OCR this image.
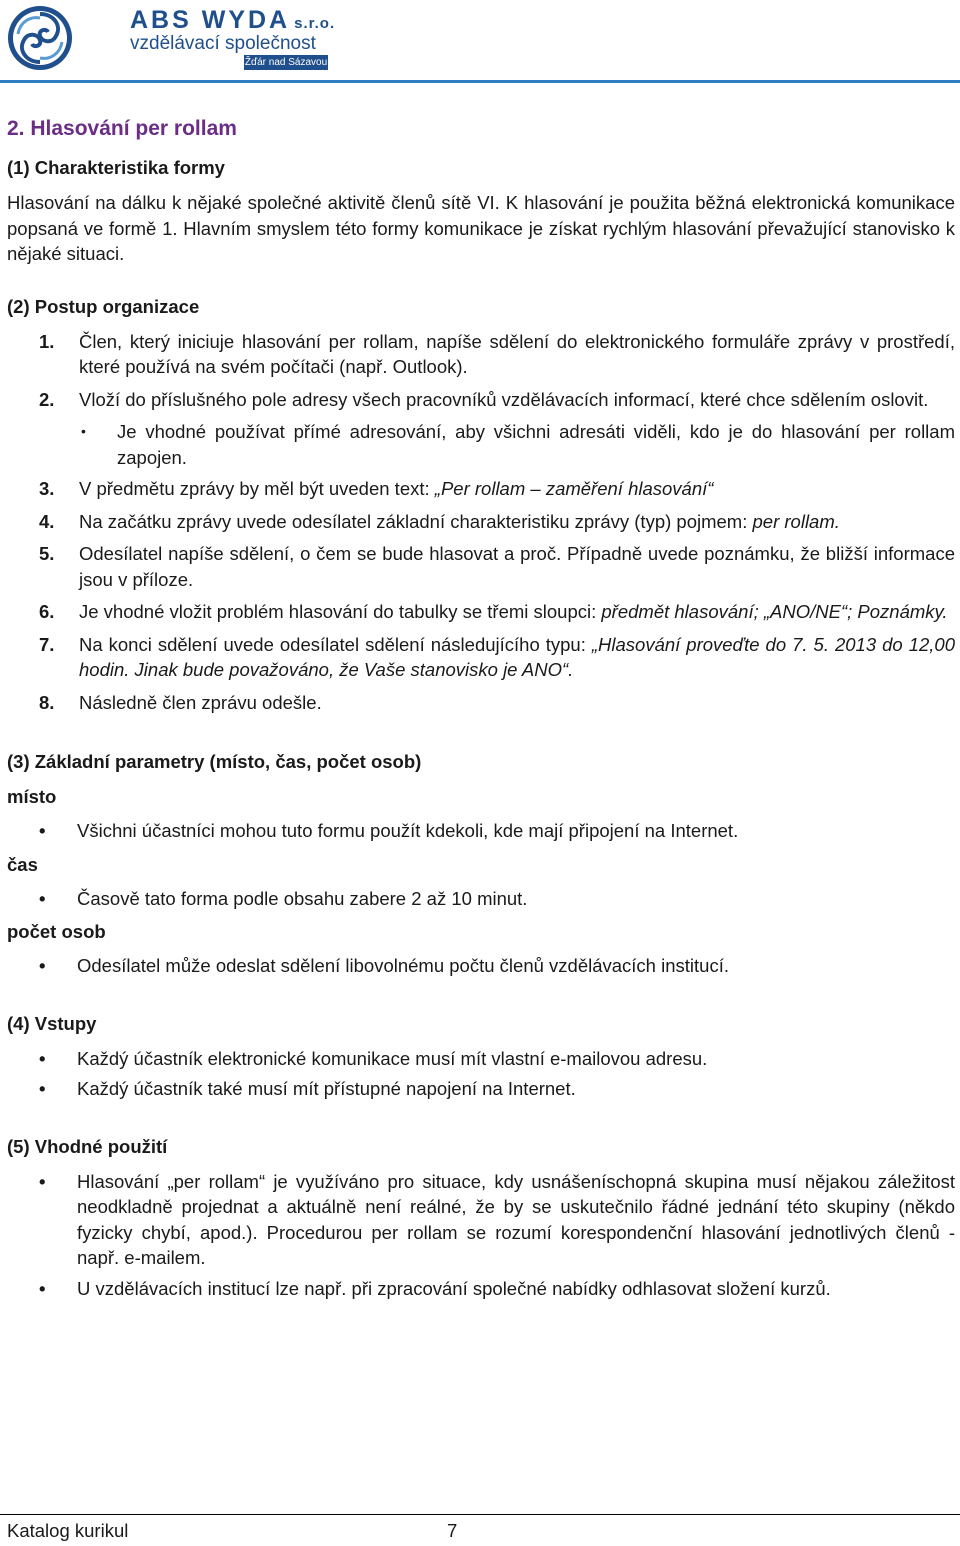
ABS WYDA s.r.o.
vzdělávací společnost
Žďár nad Sázavou
2. Hlasování per rollam
(1) Charakteristika formy
Hlasování na dálku k nějaké společné aktivitě členů sítě VI. K hlasování je použita běžná elektronická komunikace popsaná ve formě 1. Hlavním smyslem této formy komunikace je získat rychlým hlasování převažující stanovisko k nějaké situaci.
(2) Postup organizace
1. Člen, který iniciuje hlasování per rollam, napíše sdělení do elektronického formuláře zprávy v prostředí, které používá na svém počítači (např. Outlook).
2. Vloží do příslušného pole adresy všech pracovníků vzdělávacích informací, které chce sdělením oslovit.
• Je vhodné používat přímé adresování, aby všichni adresáti viděli, kdo je do hlasování per rollam zapojen.
3. V předmětu zprávy by měl být uveden text: „Per rollam – zaměření hlasování“
4. Na začátku zprávy uvede odesílatel základní charakteristiku zprávy (typ) pojmem: per rollam.
5. Odesílatel napíše sdělení, o čem se bude hlasovat a proč. Případně uvede poznámku, že bližší informace jsou v příloze.
6. Je vhodné vložit problém hlasování do tabulky se třemi sloupci: předmět hlasování; „ANO/NE“; Poznámky.
7. Na konci sdělení uvede odesílatel sdělení následujícího typu: „Hlasování proveďte do 7. 5. 2013 do 12,00 hodin. Jinak bude považováno, že Vaše stanovisko je ANO“.
8. Následně člen zprávu odešle.
(3) Základní parametry (místo, čas, počet osob)
místo
• Všichni účastníci mohou tuto formu použít kdekoli, kde mají připojení na Internet.
čas
• Časově tato forma podle obsahu zabere 2 až 10 minut.
počet osob
• Odesílatel může odeslat sdělení libovolnému počtu členů vzdělávacích institucí.
(4) Vstupy
• Každý účastník elektronické komunikace musí mít vlastní e-mailovou adresu.
• Každý účastník také musí mít přístupné napojení na Internet.
(5) Vhodné použití
• Hlasování „per rollam“ je využíváno pro situace, kdy usnášeníschopná skupina musí nějakou záležitost neodkladně projednat a aktuálně není reálné, že by se uskutečnilo řádné jednání této skupiny (někdo fyzicky chybí, apod.). Procedurou per rollam se rozumí korespondenční hlasování jednotlivých členů - např. e-mailem.
• U vzdělávacích institucí lze např. při zpracování společné nabídky odhlasovat složení kurzů.
Katalog kurikul	7
